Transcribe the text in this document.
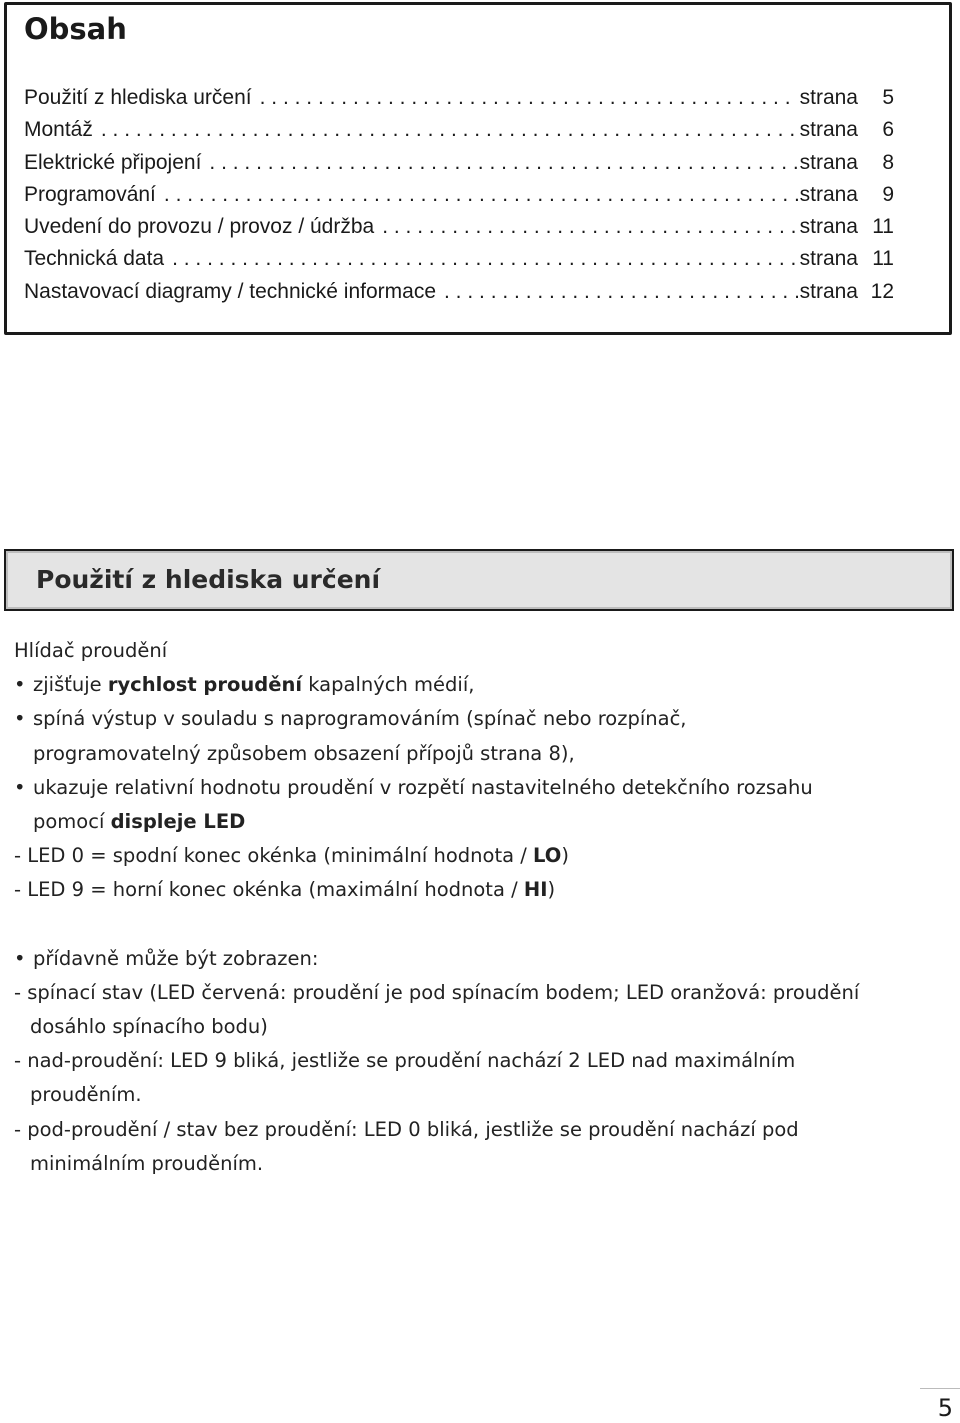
Obsah
Použití z hlediska určení . . .	strana	5
Montáž . . .	strana	6
Elektrické připojení . . .	strana	8
Programování . . .	strana	9
Uvedení do provozu / provoz / údržba . . .	strana 11
Technická data . . .	strana 11
Nastavovací diagramy / technické informace . . .	strana 12
Použití z hlediska určení
Hlídač proudění
• zjišťuje rychlost proudění kapalných médií,
• spíná výstup v souladu s naprogramováním (spínač nebo rozpínač,
programovatelný způsobem obsazení přípojů strana 8),
• ukazuje relativní hodnotu proudění v rozpětí nastavitelného detekčního rozsahu
pomocí displeje LED
- LED 0 = spodní konec okénka (minimální hodnota / LO)
- LED 9 = horní konec okénka (maximální hodnota / HI)
• přídavně může být zobrazen:
- spínací stav (LED červená: proudění je pod spínacím bodem; LED oranžová: proudění
dosáhlo spínacího bodu)
- nad-proudění: LED 9 bliká, jestliže se proudění nachází 2 LED nad maximálním
prouděním.
- pod-proudění / stav bez proudění: LED 0 bliká, jestliže se proudění nachází pod
minimálním prouděním.
5
